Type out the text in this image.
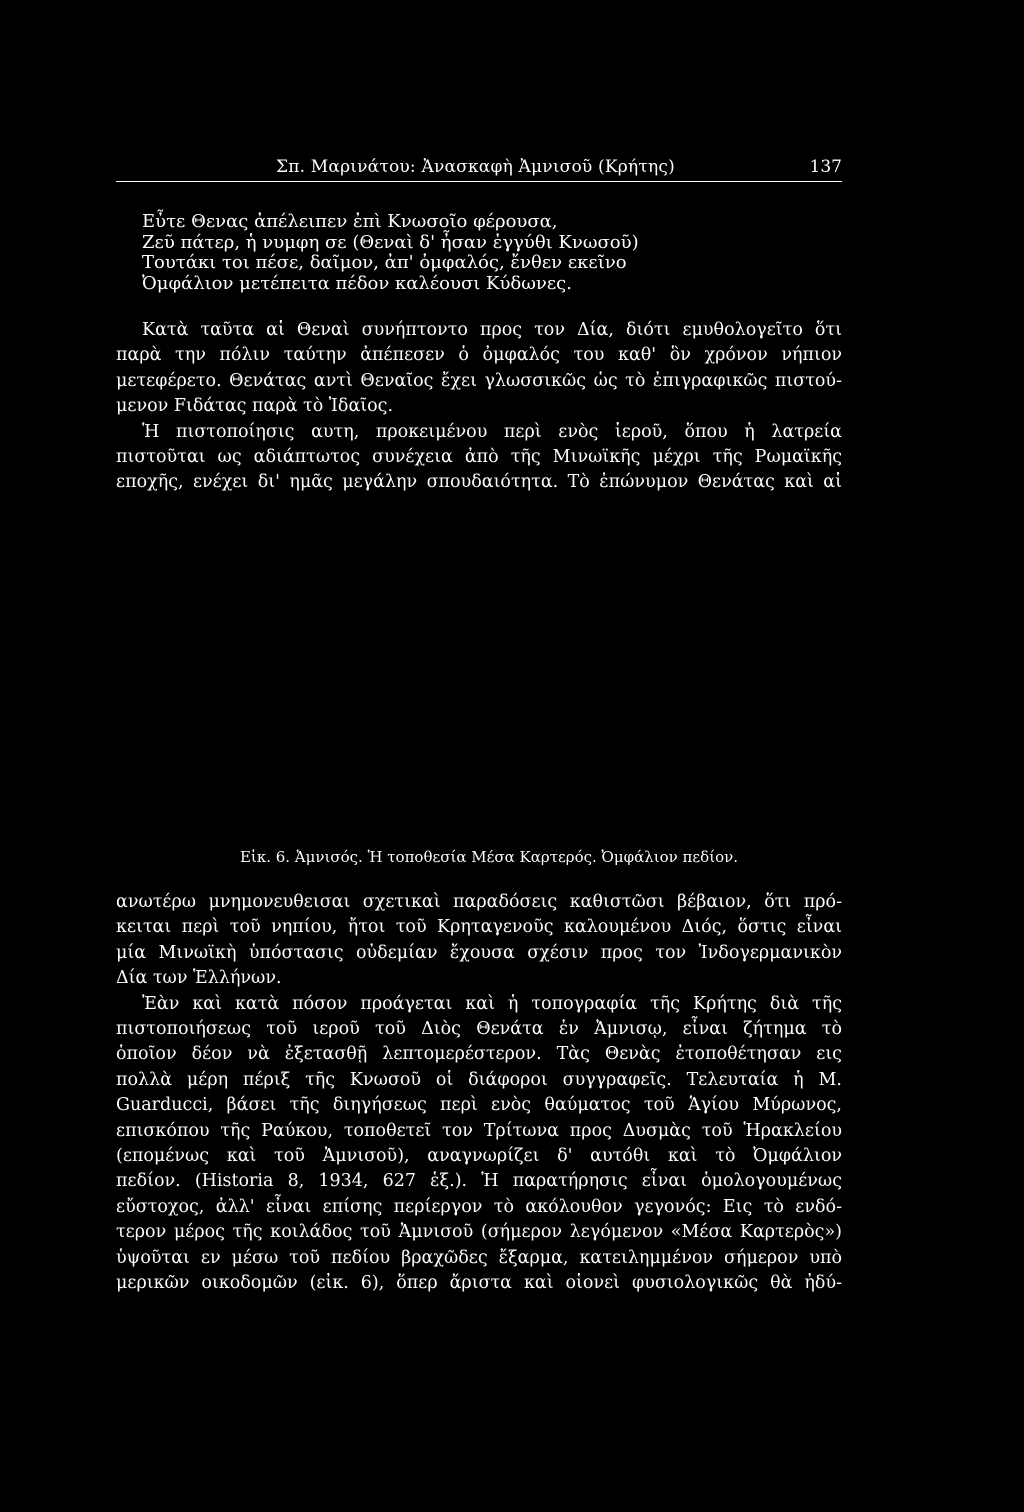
Σπ. Μαρινάτου: Ἀνασκαφὴ Ἀμνισοῦ (Κρήτης)	137
Εὖτε Θενας ἀπέλειπεν ἐπὶ Κνωσοῖο φέρουσα,
Ζεῦ πάτερ, ἡ νυμφη σε (Θεναὶ δ' ἦσαν ἐγγύθι Κνωσοῦ)
Τουτάκι τοι πέσε, δαῖμον, ἀπ' ὀμφαλός, ἔνθεν εκεῖνο
Ὀμφάλιον μετέπειτα πέδον καλέουσι Κύδωνες.
Κατὰ ταῦτα αἱ Θεναὶ συνήπτοντο προς τον Δία, διότι εμυθολογεῖτο ὅτι
παρὰ την πόλιν ταύτην ἀπέπεσεν ὁ ὀμφαλός του καθ' ὃν χρόνον νήπιον
μετεφέρετο. Θενάτας αντὶ Θεναῖος ἔχει γλωσσικῶς ὡς τὸ ἐπιγραφικῶς πιστού-
μενον Fιδάτας παρὰ τὸ Ἰδαῖος.
Ἡ πιστοποίησις αυτη, προκειμένου περὶ ενὸς ἱεροῦ, ὅπου ἡ λατρεία
πιστοῦται ως αδιάπτωτος συνέχεια ἀπὸ τῆς Μινωϊκῆς μέχρι τῆς Ρωμαϊκῆς
εποχῆς, ενέχει δι' ημᾶς μεγάλην σπουδαιότητα. Τὸ ἐπώνυμον Θενάτας καὶ αἱ
Εἰκ. 6. Ἀμνισός. Ἡ τοποθεσία Μέσα Καρτερός. Ὀμφάλιον πεδίον.
ανωτέρω μνημονευθεισαι σχετικαὶ παραδόσεις καθιστῶσι βέβαιον, ὅτι πρό-
κειται περὶ τοῦ νηπίου, ἤτοι τοῦ Κρηταγενοῦς καλουμένου Διός, ὅστις εἶναι
μία Μινωϊκὴ ὑπόστασις οὐδεμίαν ἔχουσα σχέσιν προς τον Ἰνδογερμανικὸν
Δία των Ἑλλήνων.
Ἐὰν καὶ κατὰ πόσον προάγεται καὶ ἡ τοπογραφία τῆς Κρήτης διὰ τῆς
πιστοποιήσεως τοῦ ιεροῦ τοῦ Διὸς Θενάτα ἐν Ἀμνισῳ, εἶναι ζήτημα τὸ
ὁποῖον δέον νὰ ἐξετασθῇ λεπτομερέστερον. Τὰς Θενὰς ἐτοποθέτησαν εις
πολλὰ μέρη πέριξ τῆς Κνωσοῦ οἱ διάφοροι συγγραφεῖς. Τελευταία ἡ Μ.
Guarducci, βάσει τῆς διηγήσεως περὶ ενὸς θαύματος τοῦ Ἁγίου Μύρωνος,
επισκόπου τῆς Ραύκου, τοποθετεῖ τον Τρίτωνα προς Δυσμὰς τοῦ Ἡρακλείου
(επομένως καὶ τοῦ Ἀμνισοῦ), αναγνωρίζει δ' αυτόθι καὶ τὸ Ὀμφάλιον
πεδίον. (Historia 8, 1934, 627 ἑξ.). Ἡ παρατήρησις εἶναι ὁμολογουμένως
εὔστοχος, ἀλλ' εἶναι επίσης περίεργον τὸ ακόλουθον γεγονός: Εις τὸ ενδό-
τερον μέρος τῆς κοιλάδος τοῦ Ἀμνισοῦ (σήμερον λεγόμενον «Μέσα Καρτερὸς»)
ὑψοῦται εν μέσω τοῦ πεδίου βραχῶδες ἔξαρμα, κατειλημμένον σήμερον υπὸ
μερικῶν οικοδομῶν (εἰκ. 6), ὅπερ ἄριστα καὶ οἱονεὶ φυσιολογικῶς θὰ ἠδύ-
